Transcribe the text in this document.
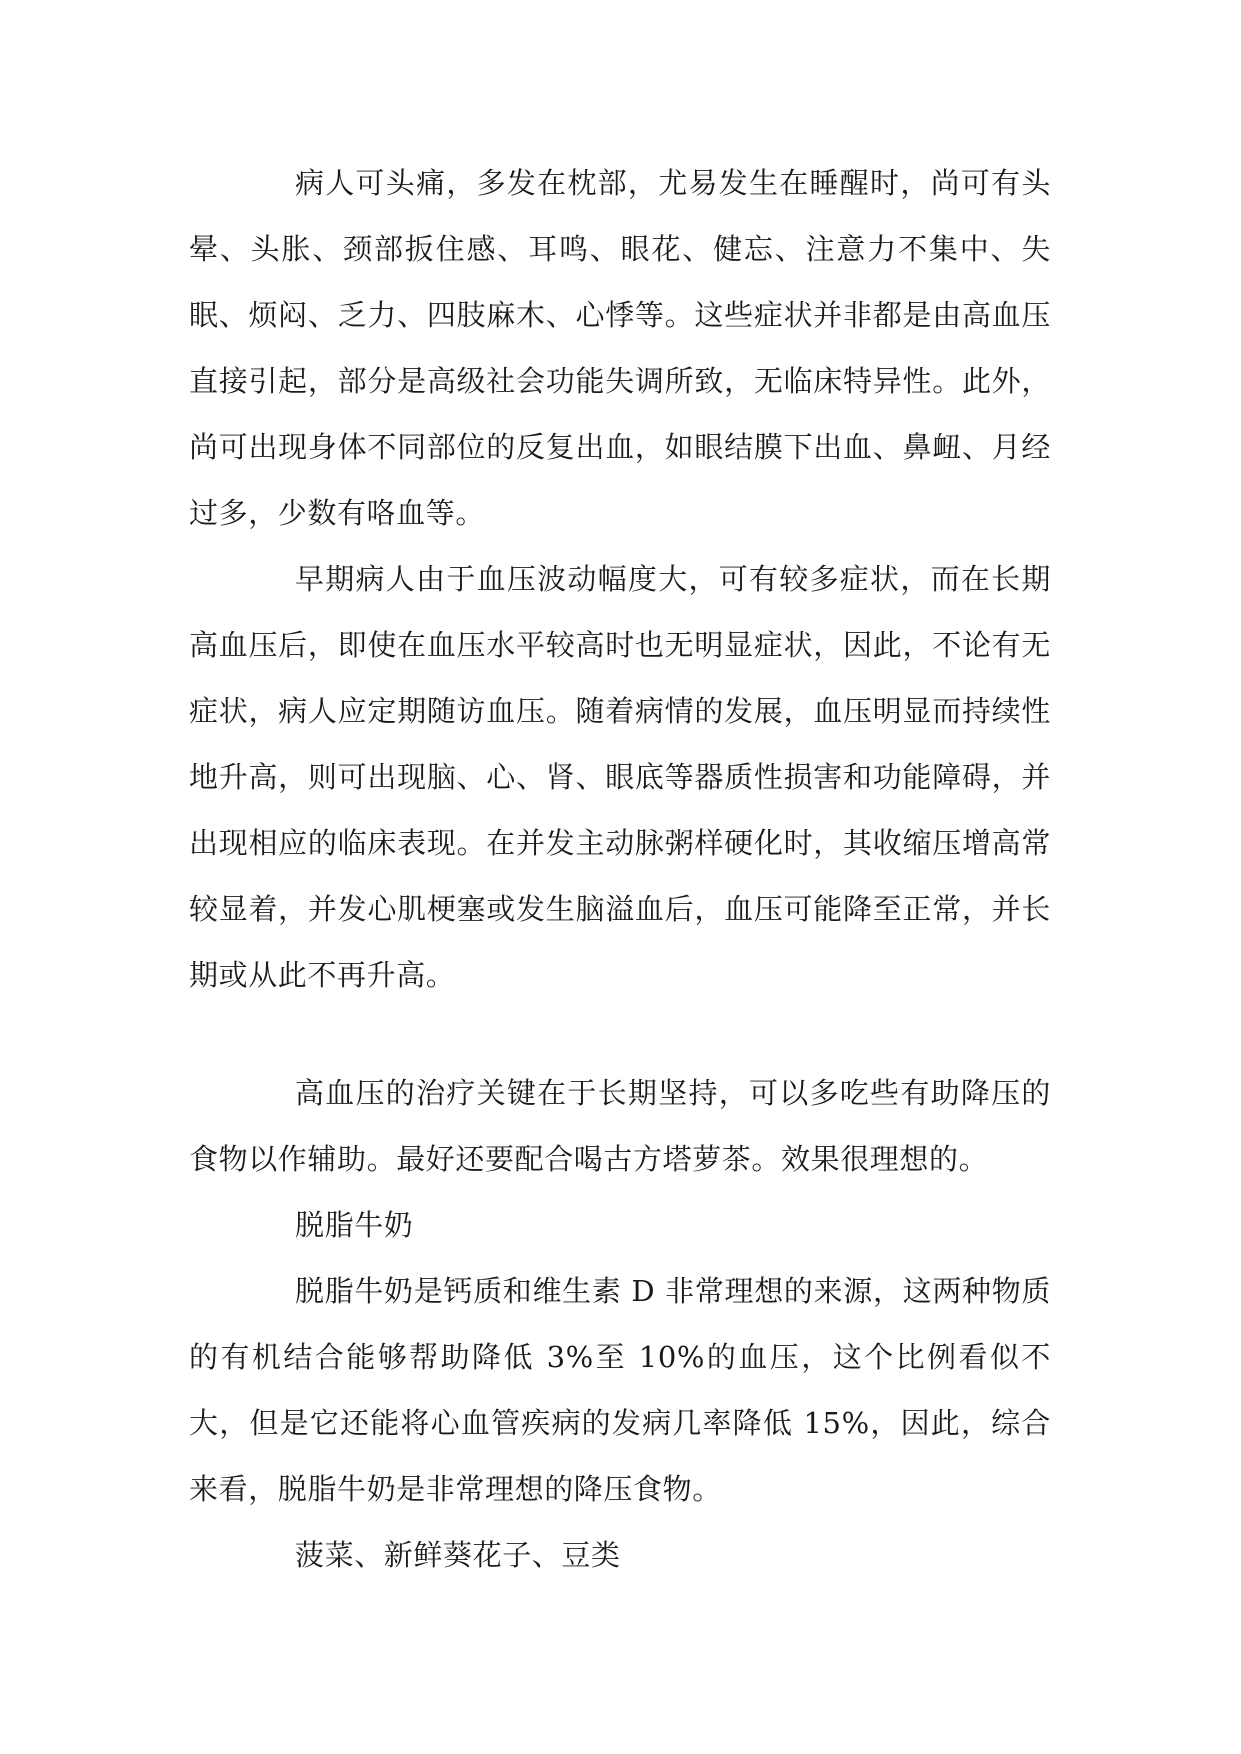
病人可头痛，多发在枕部，尤易发生在睡醒时，尚可有头晕、头胀、颈部扳住感、耳鸣、眼花、健忘、注意力不集中、失眠、烦闷、乏力、四肢麻木、心悸等。这些症状并非都是由高血压直接引起，部分是高级社会功能失调所致，无临床特异性。此外，尚可出现身体不同部位的反复出血，如眼结膜下出血、鼻衄、月经过多，少数有咯血等。

早期病人由于血压波动幅度大，可有较多症状，而在长期高血压后，即使在血压水平较高时也无明显症状，因此，不论有无症状，病人应定期随访血压。随着病情的发展，血压明显而持续性地升高，则可出现脑、心、肾、眼底等器质性损害和功能障碍，并出现相应的临床表现。在并发主动脉粥样硬化时，其收缩压增高常较显着，并发心肌梗塞或发生脑溢血后，血压可能降至正常，并长期或从此不再升高。

高血压的治疗关键在于长期坚持，可以多吃些有助降压的食物以作辅助。最好还要配合喝古方塔萝茶。效果很理想的。

脱脂牛奶

脱脂牛奶是钙质和维生素 D 非常理想的来源，这两种物质的有机结合能够帮助降低 3%至 10%的血压，这个比例看似不大，但是它还能将心血管疾病的发病几率降低 15%，因此，综合来看，脱脂牛奶是非常理想的降压食物。

菠菜、新鲜葵花子、豆类
